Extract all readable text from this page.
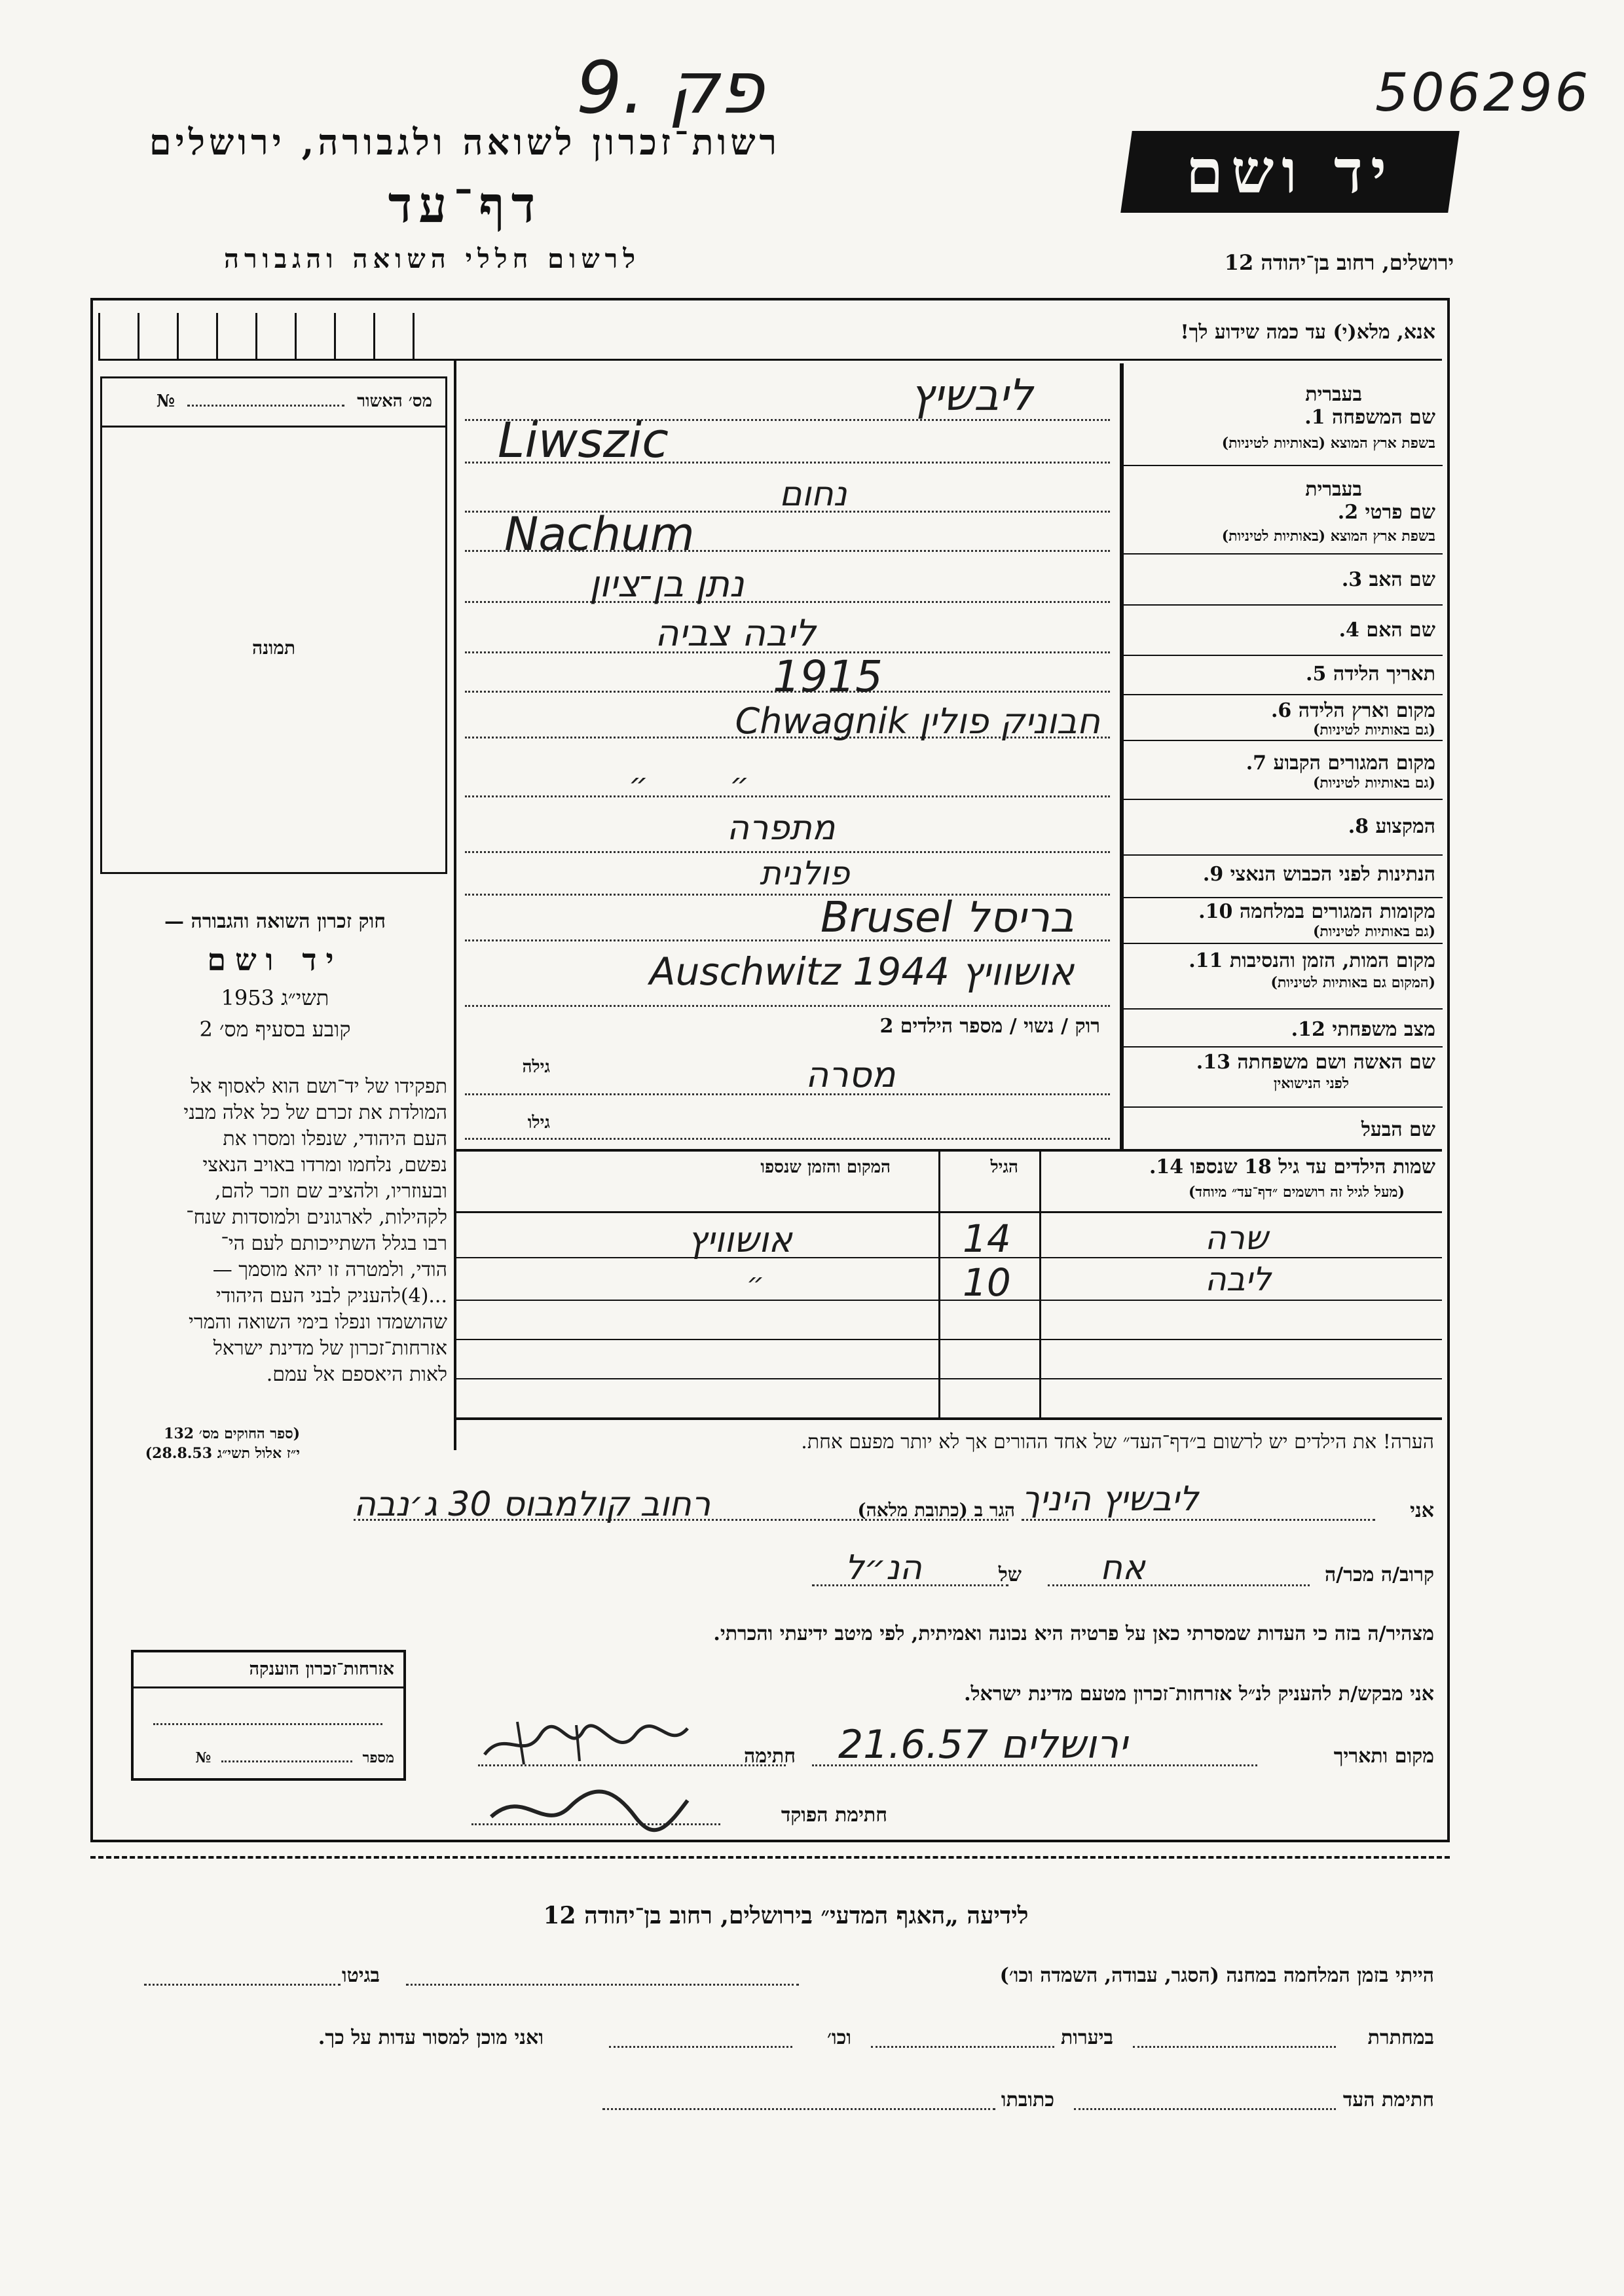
9. פק	506296
רשות־זכרון לשואה ולגבורה, ירושלים
דף־עד
לרשום חללי השואה והגבורה
יד ושם
ירושלים, רחוב בן־יהודה 12
אנא, מלא(י) עד כמה שידוע לך!
מס׳ האשור  №
תמונה
חוק זכרון השואה והגבורה —
יד ושם
תשי״ג 1953
קובע בסעיף מס׳ 2
תפקידו של יד־ושם הוא לאסוף אל
המולדת את זכרם של כל אלה מבני
העם היהודי, שנפלו ומסרו את
נפשם, נלחמו ומרדו באויב הנאצי
ובעוזריו, ולהציב שם וזכר להם,
לקהילות, לארגונים ולמוסדות שנח־
רבו בגלל השתייכותם לעם הי־
הודי, ולמטרה זו יהא מוסמך —
...(4)להעניק לבני העם היהודי
שהושמדו ונפלו בימי השואה והמרי
אזרחות־זכרון של מדינת ישראל
לאות היאספם אל עמם.
(ספר החוקים מס׳ 132
י״ז אלול תשי״ג 28.8.53)
אזרחות־זכרון הוענקה
מספר  №
בעברית
שם המשפחה 1.
בשפת ארץ המוצא (באותיות לטיניות)
ליבשיץ
Liwszic
בעברית
שם פרטי 2.
בשפת ארץ המוצא (באותיות לטיניות)
נחום
Nachum
שם האב 3.
נתן בן־ציון
שם האם 4.
ליבה צביה
תאריך הלידה 5.
1915
מקום וארץ הלידה 6.
(גם באותיות לטיניות)
חבוניק פולין Chwagnik
מקום המגורים הקבוע 7.
(גם באותיות לטיניות)
״ ״
המקצוע 8.
מתפרה
הנתינות לפני הכבוש הנאצי 9.
פולנית
מקומות המגורים במלחמה 10.
(גם באותיות לטיניות)
בריסל Brusel
מקום המות, הזמן והנסיבות 11.
(המקום גם באותיות לטיניות)
אושוויץ 1944 Auschwitz
מצב משפחתי 12.
רוק / נשוי / מספר הילדים 2
שם האשה ושם משפחתה 13.
לפני הנישואין
גילה	מסרה
שם הבעל
גילו
שמות הילדים עד גיל 18 שנספו 14.
(מעל לגיל זה רושמים ״דף־עד״ מיוחד)
הגיל
המקום והזמן שנספו
שרה
14
אושוויץ
ליבה
10
״
הערה! את הילדים יש לרשום ב״דף־העד״ של אחד ההורים אך לא יותר מפעם אחת.
אני
ליבשיץ היניך
הגר ב (כתובת מלאה)
רחוב קולמבוס 30 ג׳נבה
קרוב/ה מכר/ה
אח
של
הנ״ל
מצהיר/ה בזה כי העדות שמסרתי כאן על פרטיה היא נכונה ואמיתית, לפי מיטב ידיעתי והכרתי.
אני מבקש/ת להעניק לנ״ל אזרחות־זכרון מטעם מדינת ישראל.
מקום ותאריך
ירושלים 21.6.57
חתימה
חתימת הפוקד
לידיעה „האגף המדעי״ בירושלים, רחוב בן־יהודה 12
הייתי בזמן המלחמה במחנה (הסגר, עבודה, השמדה וכו׳)
בגיטו
במחתרת
ביערות
וכו׳
ואני מוכן למסור עדות על כך.
חתימת העד
כתובתו
